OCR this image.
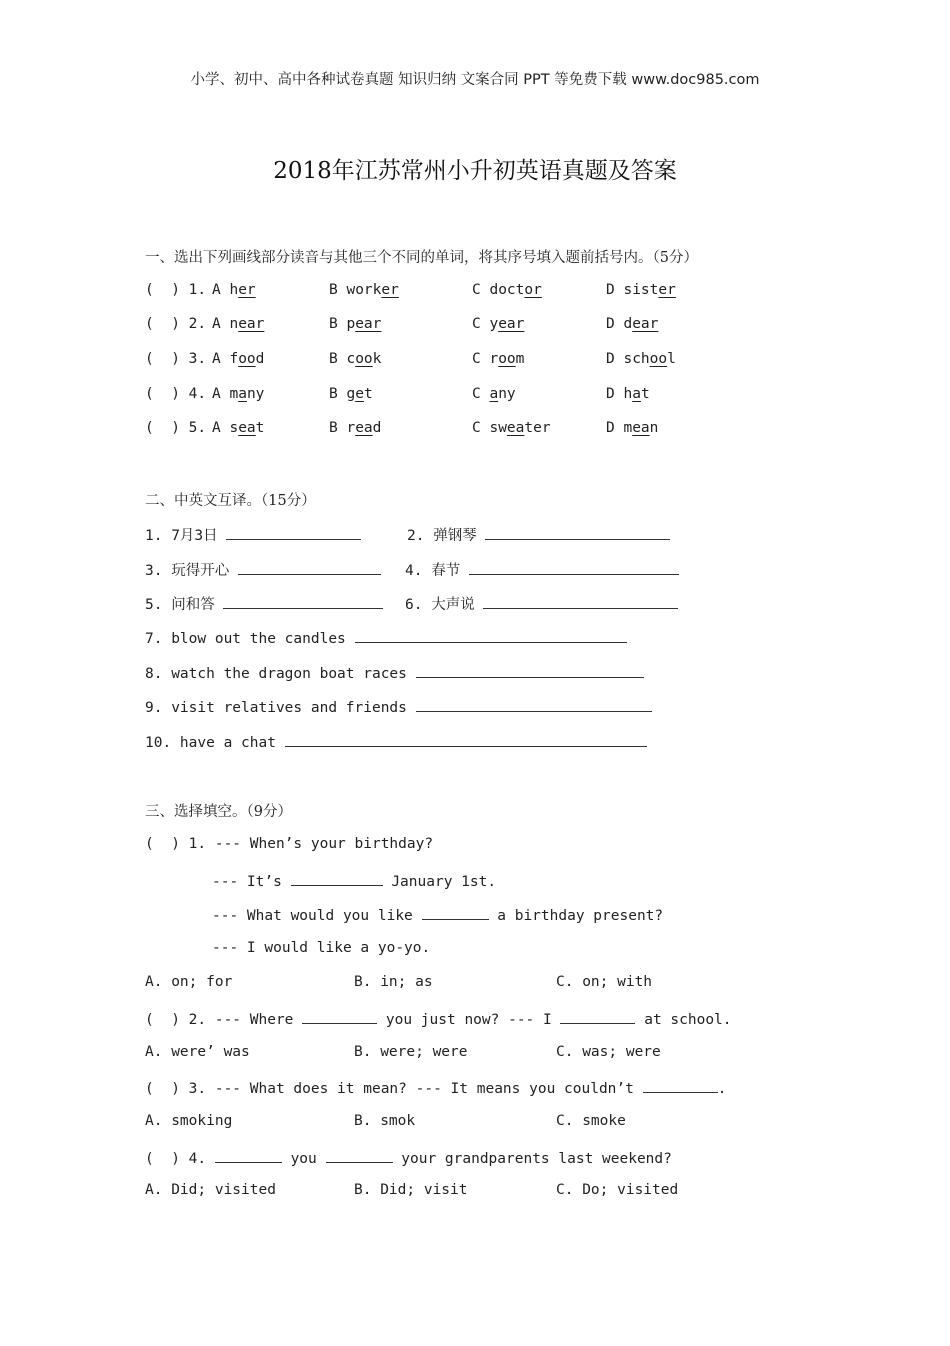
小学、初中、高中各种试卷真题 知识归纳 文案合同 PPT 等免费下载 www.doc985.com
2018年江苏常州小升初英语真题及答案
一、选出下列画线部分读音与其他三个不同的单词，将其序号填入题前括号内。（5分）
(  ) 1. A her	B worker	C doctor	D sister
(  ) 2. A near	B pear	C year	D dear
(  ) 3. A food	B cook	C room	D school
(  ) 4. A many	B get	C any	D hat
(  ) 5. A seat	B read	C sweater	D mean
二、中英文互译。（15分）
1. 7月3日	2. 弹钢琴
3. 玩得开心	4. 春节
5. 问和答	6. 大声说
7. blow out the candles
8. watch the dragon boat races
9. visit relatives and friends
10. have a chat
三、选择填空。（9分）
(  ) 1. --- When’s your birthday?
--- It’s	January 1st.
--- What would you like	a birthday present?
--- I would like a yo-yo.
A. on; for	B. in; as	C. on; with
(  ) 2. --- Where	you just now? --- I	at school.
A. were’ was	B. were; were	C. was; were
(  ) 3. --- What does it mean? --- It means you couldn’t	.
A. smoking	B. smok	C. smoke
(  ) 4.	you	your grandparents last weekend?
A. Did; visited	B. Did; visit	C. Do; visited
